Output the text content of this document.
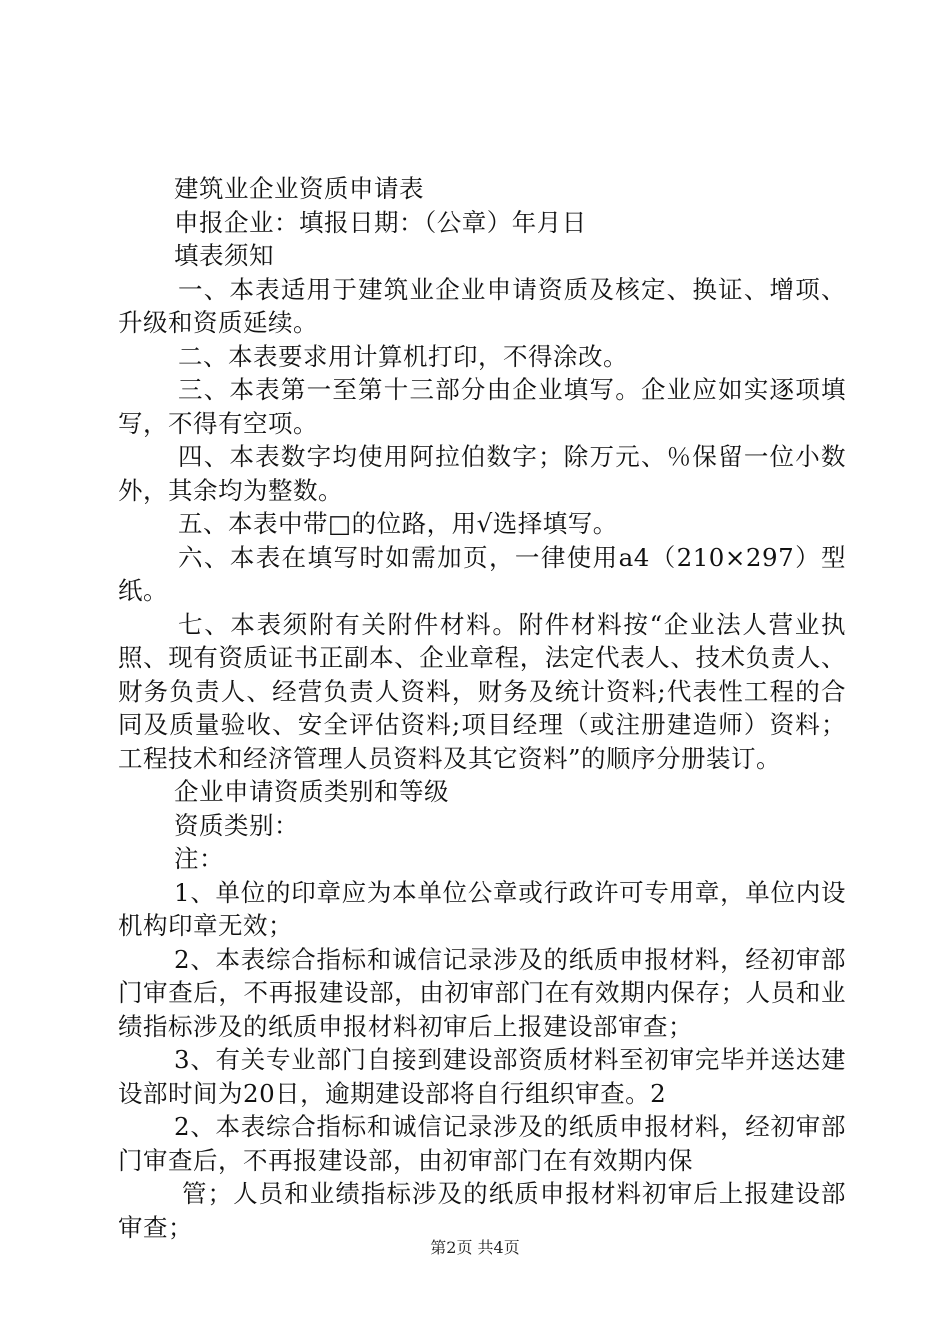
建筑业企业资质申请表

申报企业：填报日期：（公章）年月日

填表须知

一、本表适用于建筑业企业申请资质及核定、换证、增项、升级和资质延续。

二、本表要求用计算机打印，不得涂改。

三、本表第一至第十三部分由企业填写。企业应如实逐项填写，不得有空项。

四、本表数字均使用阿拉伯数字；除万元、％保留一位小数外，其余均为整数。

五、本表中带□的位路，用√选择填写。

六、本表在填写时如需加页，一律使用a4（210×297）型纸。

七、本表须附有关附件材料。附件材料按“企业法人营业执照、现有资质证书正副本、企业章程，法定代表人、技术负责人、财务负责人、经营负责人资料，财务及统计资料;代表性工程的合同及质量验收、安全评估资料;项目经理（或注册建造师）资料；工程技术和经济管理人员资料及其它资料”的顺序分册装订。

企业申请资质类别和等级

资质类别：

注：

1、单位的印章应为本单位公章或行政许可专用章，单位内设机构印章无效；

2、本表综合指标和诚信记录涉及的纸质申报材料，经初审部门审查后，不再报建设部，由初审部门在有效期内保存；人员和业绩指标涉及的纸质申报材料初审后上报建设部审查；

3、有关专业部门自接到建设部资质材料至初审完毕并送达建设部时间为20日，逾期建设部将自行组织审查。2

2、本表综合指标和诚信记录涉及的纸质申报材料，经初审部门审查后，不再报建设部，由初审部门在有效期内保

管；人员和业绩指标涉及的纸质申报材料初审后上报建设部审查；

第2页 共4页
